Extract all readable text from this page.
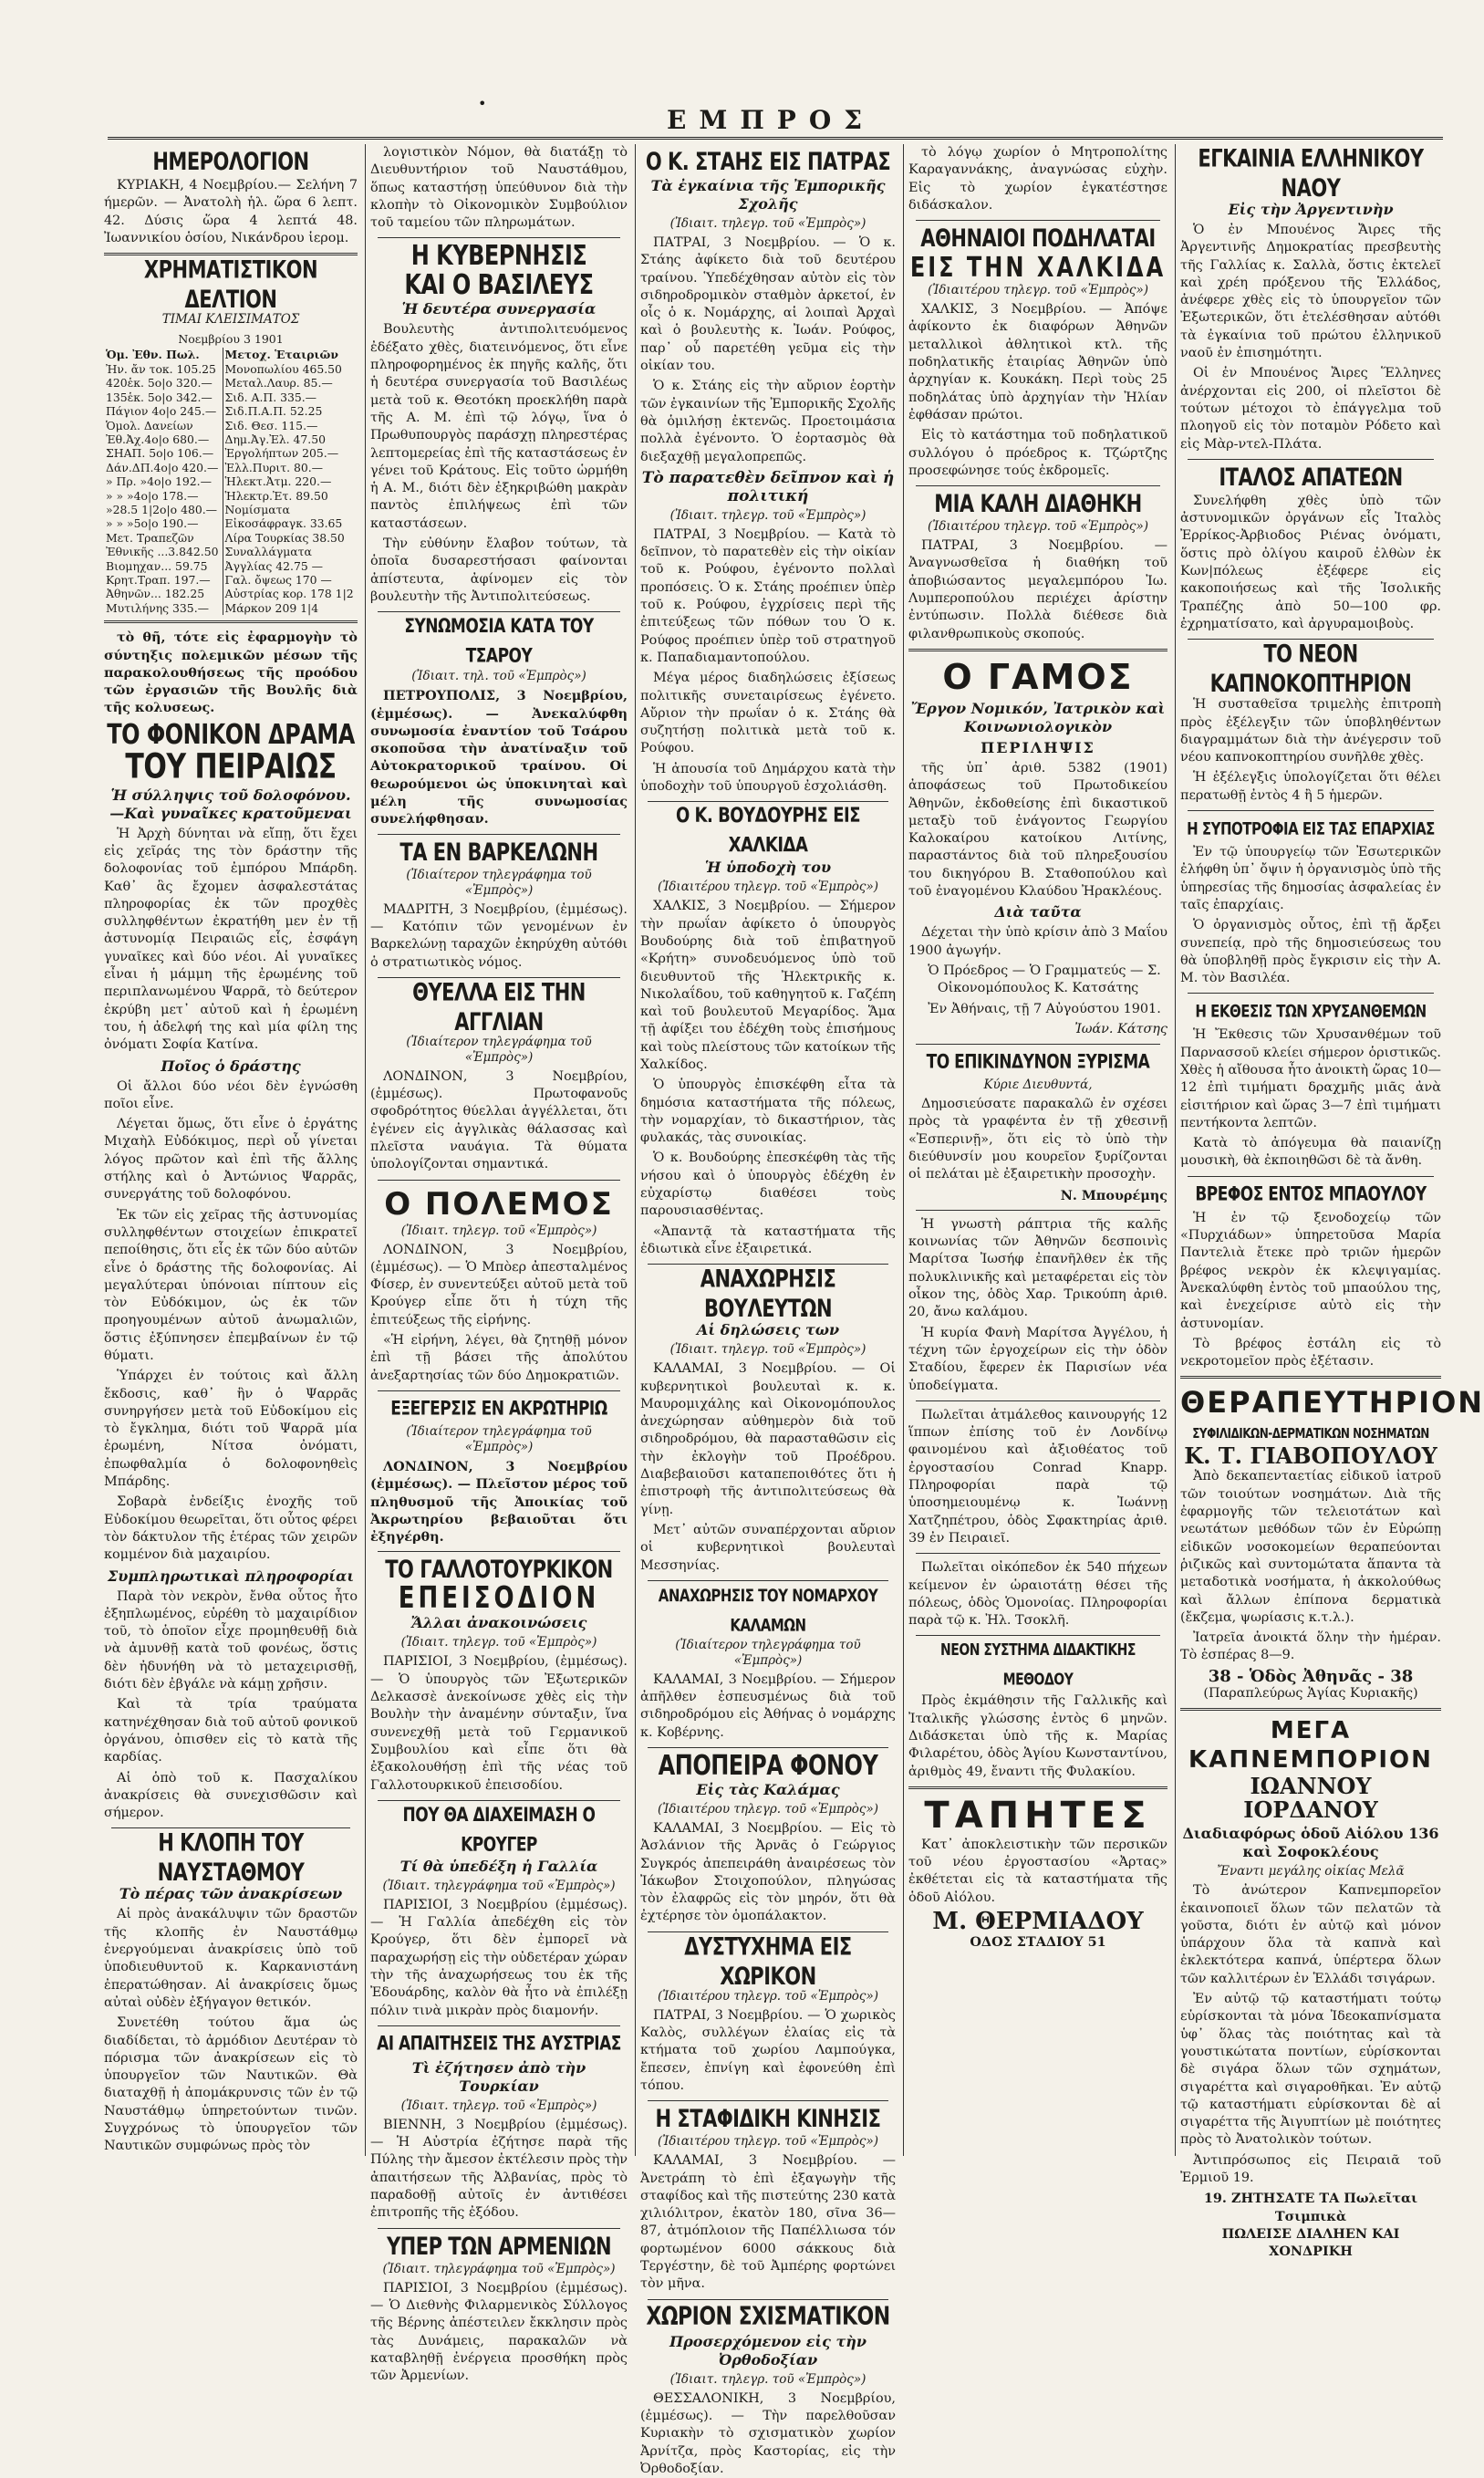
•
ΕΜΠΡΟΣ
ΗΜΕΡΟΛΟΓΙΟΝ

ΚΥΡΙΑΚΗ, 4 Νοεμβρίου.— Σελήνη 7 ήμερῶν. — Ἀνατολὴ ἡλ. ὥρα 6 λεπτ. 42. Δύσις ὥρα 4 λεπτά 48. Ἰωαννικίου ὁσίου, Νικάνδρου ἱερομ.

ΧΡΗΜΑΤΙΣΤΙΚΟΝ ΔΕΛΤΙΟΝ
ΤΙΜΑΙ ΚΛΕΙΣΙΜΑΤΟΣ
Νοεμβρίου 3 1901
Ὁμ. Ἐθν. Πωλ.	Μετοχ. Ἑταιριῶν
Ἠν. ἄν τοκ. 105.25	Μονοπωλίου 465.50
420ἑκ. 5ο|ο 320.—	Μεταλ.Λαυρ. 85.—
135ἑκ. 5ο|ο 342.—	Σιδ. Α.Π. 335.—
Πάγιον 4ο|ο 245.—	Σιδ.Π.Α.Π. 52.25
Ὁμολ. Δανείων	Σιδ. Θεσ. 115.—
Ἐθ.Ἀχ.4ο|ο 680.—	Δημ.Ἀγ.Ἐλ. 47.50
ΣΗΑΠ. 5ο|ο 106.—	Ἐργολήπτων 205.—
Δάν.ΔΠ.4ο|ο 420.—	Ἐλλ.Πυριτ. 80.—
» Πρ. »4ο|ο 192.—	Ἡλεκτ.Ἀτμ. 220.—
» » »4ο|ο 178.—	Ἡλεκτρ.Ἐτ. 89.50
»28.5 1|2ο|ο 480.—	Νομίσματα
» » »5ο|ο 190.—	Εἰκοσάφραγκ. 33.65
Μετ. Τραπεζῶν	Λίρα Τουρκίας 38.50
Ἐθνικῆς ...3.842.50	Συναλλάγματα
Βιομηχαν... 59.75	Ἀγγλίας 42.75 —
Κρητ.Τραπ. 197.—	Γαλ. ὄψεως 170 —
Ἀθηνῶν... 182.25	Αὐστρίας κορ. 178 1|2
Μυτιλήνης 335.—	Μάρκον 209 1|4

τὸ θῆ, τότε εἰς ἐφαρμογὴν τὸ σύντηξις πολεμικῶν μέσων τῆς παρακολουθήσεως τῆς προόδου τῶν ἐργασιῶν τῆς Βουλῆς διὰ τῆς κολυσεως.

ΤΟ ΦΟΝΙΚΟΝ ΔΡΑΜΑ
ΤΟΥ ΠΕΙΡΑΙΩΣ
Ἡ σύλληψις τοῦ δολοφόνου. —Καὶ γυναῖκες κρατοῦμεναι

Ἡ Ἀρχὴ δύνηται νὰ εἴπῃ, ὅτι ἔχει εἰς χεῖράς της τὸν δράστην τῆς δολοφονίας τοῦ ἐμπόρου Μπάρδη. Καθ᾽ ἃς ἔχομεν ἀσφαλεστάτας πληροφορίας ἐκ τῶν προχθὲς συλληφθέντων ἐκρατήθη μεν ἐν τῇ ἀστυνομίᾳ Πειραιῶς εἷς, ἐσφάγη γυναῖκες καὶ δύο νέοι. Αἱ γυναῖκες εἶναι ἡ μάμμη τῆς ἐρωμένης τοῦ περιπλανωμένου Ψαρρᾶ, τὸ δεύτερον ἐκρύβη μετ᾽ αὐτοῦ καὶ ἡ ἐρωμένη του, ἡ ἀδελφή της καὶ μία φίλη της ὀνόματι Σοφία Κατίνα.

Ποῖος ὁ δράστης

Οἱ ἄλλοι δύο νέοι δὲν ἐγνώσθη ποῖοι εἶνε.

Λέγεται ὅμως, ὅτι εἶνε ὁ ἐργάτης Μιχαὴλ Εὐδόκιμος, περὶ οὗ γίνεται λόγος πρῶτον καὶ ἐπὶ τῆς ἄλλης στήλης καὶ ὁ Ἀντώνιος Ψαρρᾶς, συνεργάτης τοῦ δολοφόνου.

Ἐκ τῶν εἰς χεῖρας τῆς ἀστυνομίας συλληφθέντων στοιχείων ἐπικρατεῖ πεποίθησις, ὅτι εἷς ἐκ τῶν δύο αὐτῶν εἶνε ὁ δράστης τῆς δολοφονίας. Αἱ μεγαλύτεραι ὑπόνοιαι πίπτουν εἰς τὸν Εὐδόκιμον, ὡς ἐκ τῶν προηγουμένων αὐτοῦ ἀνωμαλιῶν, ὅστις ἐξύπνησεν ἐπεμβαίνων ἐν τῷ θύματι.

Ὑπάρχει ἐν τούτοις καὶ ἄλλη ἔκδοσις, καθ᾽ ἣν ὁ Ψαρρᾶς συνηργήσεν μετὰ τοῦ Εὐδοκίμου εἰς τὸ ἔγκλημα, διότι τοῦ Ψαρρᾶ μία ἐρωμένη, Νίτσα ὀνόματι, ἐπωφθαλμία ὁ δολοφονηθεὶς Μπάρδης.

Σοβαρὰ ἐνδείξις ἐνοχῆς τοῦ Εὐδοκίμου θεωρεῖται, ὅτι οὗτος φέρει τὸν δάκτυλον τῆς ἑτέρας τῶν χειρῶν κομμένον διὰ μαχαιρίου.

Συμπληρωτικαὶ πληροφορίαι

Παρὰ τὸν νεκρὸν, ἔνθα οὗτος ἦτο ἐξηπλωμένος, εὑρέθη τὸ μαχαιρίδιον τοῦ, τὸ ὁποῖον εἶχε προμηθευθῇ διὰ νὰ ἀμυνθῇ κατὰ τοῦ φονέως, ὅστις δὲν ἠδυνήθη νὰ τὸ μεταχειρισθῇ, διότι δὲν ἐβγάλε νὰ κάμῃ χρῆσιν.

Καὶ τὰ τρία τραύματα κατηνέχθησαν διὰ τοῦ αὐτοῦ φονικοῦ ὀργάνου, ὀπισθεν εἰς τὸ κατὰ τῆς καρδίας.

Αἱ ὁπὸ τοῦ κ. Πασχαλίκου ἀνακρίσεις θὰ συνεχισθῶσιν καὶ σήμερον.

Η ΚΛΟΠΗ ΤΟΥ ΝΑΥΣΤΑΘΜΟΥ
Τὸ πέρας τῶν ἀνακρίσεων

Αἱ πρὸς ἀνακάλυψιν τῶν δραστῶν τῆς κλοπῆς ἐν Ναυστάθμῳ ἐνεργούμεναι ἀνακρίσεις ὑπὸ τοῦ ὑποδιευθυντοῦ κ. Καρκανιστάνη ἐπερατώθησαν. Αἱ ἀνακρίσεις ὅμως αὐταὶ οὐδὲν ἐξήγαγον θετικόν.

Συνετέθη τούτου ἅμα ὡς διαδίδεται, τὸ ἀρμόδιον Δευτέραν τὸ πόρισμα τῶν ἀνακρίσεων εἰς τὸ ὑπουργεῖον τῶν Ναυτικῶν. Θὰ διαταχθῇ ἡ ἀπομάκρυνσις τῶν ἐν τῷ Ναυστάθμῳ ὑπηρετούντων τινῶν. Συγχρόνως τὸ ὑπουργεῖον τῶν Ναυτικῶν συμφώνως πρὸς τὸν

λογιστικὸν Νόμον, θὰ διατάξῃ τὸ Διευθυντήριον τοῦ Ναυστάθμου, ὅπως καταστήσῃ ὑπεύθυνον διὰ τὴν κλοπὴν τὸ Οἰκονομικὸν Συμβούλιον τοῦ ταμείου τῶν πληρωμάτων.

Η ΚΥΒΕΡΝΗΣΙΣ
ΚΑΙ Ο ΒΑΣΙΛΕΥΣ
Ἡ δευτέρα συνεργασία

Βουλευτὴς ἀντιπολιτευόμενος ἐδέξατο χθὲς, διατεινόμενος, ὅτι εἶνε πληροφορημένος ἐκ πηγῆς καλῆς, ὅτι ἡ δευτέρα συνεργασία τοῦ Βασιλέως μετὰ τοῦ κ. Θεοτόκη προεκλήθη παρὰ τῆς Α. Μ. ἐπὶ τῷ λόγῳ, ἵνα ὁ Πρωθυπουργὸς παράσχῃ πληρεστέρας λεπτομερείας ἐπὶ τῆς καταστάσεως ἐν γένει τοῦ Κράτους. Εἰς τοῦτο ὡρμήθη ἡ Α. Μ., διότι δὲν ἐξηκριβώθη μακρὰν παντὸς ἐπιλήψεως ἐπὶ τῶν καταστάσεων.

Τὴν εὐθύνην ἔλαβον τούτων, τὰ ὁποῖα δυσαρεστήσασι φαίνονται ἀπίστευτα, ἀφίνομεν εἰς τὸν βουλευτὴν τῆς Ἀντιπολιτεύσεως.

ΣΥΝΩΜΟΣΙΑ ΚΑΤΑ ΤΟΥ ΤΣΑΡΟΥ
(Ἰδιαιτ. τηλ. τοῦ «Ἐμπρὸς»)

ΠΕΤΡΟΥΠΟΛΙΣ, 3 Νοεμβρίου, (ἐμμέσως). — Ἀνεκαλύφθη συνωμοσία ἐναντίον τοῦ Τσάρου σκοποῦσα τὴν ἀνατίναξιν τοῦ Αὐτοκρατορικοῦ τραίνου. Οἱ θεωρούμενοι ὡς ὑποκινηταὶ καὶ μέλη τῆς συνωμοσίας συνελήφθησαν.

ΤΑ ΕΝ ΒΑΡΚΕΛΩΝΗ
(Ἰδιαίτερον τηλεγράφημα τοῦ «Ἐμπρὸς»)

ΜΑΔΡΙΤΗ, 3 Νοεμβρίου, (ἐμμέσως). — Κατόπιν τῶν γενομένων ἐν Βαρκελώνῃ ταραχῶν ἐκηρύχθη αὐτόθι ὁ στρατιωτικὸς νόμος.

ΘΥΕΛΛΑ ΕΙΣ ΤΗΝ ΑΓΓΛΙΑΝ
(Ἰδιαίτερον τηλεγράφημα τοῦ «Ἐμπρὸς»)

ΛΟΝΔΙΝΟΝ, 3 Νοεμβρίου, (ἐμμέσως). Πρωτοφανοῦς σφοδρότητος θύελλαι ἀγγέλλεται, ὅτι ἐγένεν εἰς ἀγγλικὰς θάλασσας καὶ πλεῖστα ναυάγια. Τὰ θύματα ὑπολογίζονται σημαντικά.

Ο ΠΟΛΕΜΟΣ
(Ἰδιαιτ. τηλεγρ. τοῦ «Ἐμπρὸς»)

ΛΟΝΔΙΝΟΝ, 3 Νοεμβρίου, (ἐμμέσως). — Ὁ Μπὸερ ἀπεσταλμένος Φίσερ, ἐν συνεντεύξει αὐτοῦ μετὰ τοῦ Κρούγερ εἶπε ὅτι ἡ τύχη τῆς ἐπιτεύξεως τῆς εἰρήνης.

«Ἡ εἰρήνη, λέγει, θὰ ζητηθῇ μόνον ἐπὶ τῇ βάσει τῆς ἀπολύτου ἀνεξαρτησίας τῶν δύο Δημοκρατιῶν.

ΕΞΕΓΕΡΣΙΣ ΕΝ ΑΚΡΩΤΗΡΙΩ
(Ἰδιαίτερον τηλεγράφημα τοῦ «Ἐμπρὸς»)

ΛΟΝΔΙΝΟΝ, 3 Νοεμβρίου (ἐμμέσως). — Πλεῖστον μέρος τοῦ πληθυσμοῦ τῆς Ἀποικίας τοῦ Ἀκρωτηρίου βεβαιοῦται ὅτι ἐξηγέρθη.

ΤΟ ΓΑΛΛΟΤΟΥΡΚΙΚΟΝ
ΕΠΕΙΣΟΔΙΟΝ
Ἄλλαι ἀνακοινώσεις
(Ἰδιαιτ. τηλεγρ. τοῦ «Ἐμπρὸς»)

ΠΑΡΙΣΙΟΙ, 3 Νοεμβρίου, (ἐμμέσως). — Ὁ ὑπουργὸς τῶν Ἐξωτερικῶν Δελκασσὲ ἀνεκοίνωσε χθὲς εἰς τὴν Βουλὴν τὴν ἀναμένην σύνταξιν, ἵνα συνενεχθῇ μετὰ τοῦ Γερμανικοῦ Συμβουλίου καὶ εἶπε ὅτι θὰ ἐξακολουθήσῃ ἐπὶ τῆς νέας τοῦ Γαλλοτουρκικοῦ ἐπεισοδίου.

ΠΟΥ ΘΑ ΔΙΑΧΕΙΜΑΣΗ Ο ΚΡΟΥΓΕΡ
Τί θὰ ὑπεδέξη ἡ Γαλλία
(Ἰδιαιτ. τηλεγράφημα τοῦ «Ἐμπρὸς»)

ΠΑΡΙΣΙΟΙ, 3 Νοεμβρίου (ἐμμέσως). — Ἡ Γαλλία ἀπεδέχθη εἰς τὸν Κρούγερ, ὅτι δὲν ἐμπορεῖ νὰ παραχωρήσῃ εἰς τὴν οὐδετέραν χώραν τὴν τῆς ἀναχωρήσεως του ἐκ τῆς Ἐδουάρδης, καλὸν θὰ ἦτο νὰ ἐπιλέξῃ πόλιν τινὰ μικρὰν πρὸς διαμονήν.

ΑΙ ΑΠΑΙΤΗΣΕΙΣ ΤΗΣ ΑΥΣΤΡΙΑΣ
Τὶ ἐζήτησεν ἀπὸ τὴν Τουρκίαν
(Ἰδιαιτ. τηλεγρ. τοῦ «Ἐμπρὸς»)

ΒΙΕΝΝΗ, 3 Νοεμβρίου (ἐμμέσως). — Ἡ Αὐστρία ἐζήτησε παρὰ τῆς Πύλης τὴν ἄμεσον ἐκτέλεσιν πρὸς τὴν ἀπαιτήσεων τῆς Ἀλβανίας, πρὸς τὸ παραδοθῇ αὐτοῖς ἐν ἀντιθέσει ἐπιτροπῆς τῆς ἐξόδου.

ΥΠΕΡ ΤΩΝ ΑΡΜΕΝΙΩΝ
(Ἰδιαιτ. τηλεγράφημα τοῦ «Ἐμπρὸς»)

ΠΑΡΙΣΙΟΙ, 3 Νοεμβρίου (ἐμμέσως). — Ὁ Διεθνὴς Φιλαρμενικὸς Σύλλογος τῆς Βέρνης ἀπέστειλεν ἔκκλησιν πρὸς τὰς Δυνάμεις, παρακαλῶν νὰ καταβληθῇ ἐνέργεια προσθήκη πρὸς τῶν Ἀρμενίων.

Ο Κ. ΣΤΑΗΣ ΕΙΣ ΠΑΤΡΑΣ
Τὰ ἐγκαίνια τῆς Ἐμπορικῆς Σχολῆς
(Ἰδιαιτ. τηλεγρ. τοῦ «Ἐμπρὸς»)

ΠΑΤΡΑΙ, 3 Νοεμβρίου. — Ὁ κ. Στάης ἀφίκετο διὰ τοῦ δευτέρου τραίνου. Ὑπεδέχθησαν αὐτὸν εἰς τὸν σιδηροδρομικὸν σταθμὸν ἀρκετοί, ἐν οἷς ὁ κ. Νομάρχης, αἱ λοιπαὶ Ἀρχαὶ καὶ ὁ βουλευτὴς κ. Ἰωάν. Ρούφος, παρ᾽ οὗ παρετέθη γεῦμα εἰς τὴν οἰκίαν του.

Ὁ κ. Στάης εἰς τὴν αὔριον ἑορτὴν τῶν ἐγκαινίων τῆς Ἐμπορικῆς Σχολῆς θὰ ὁμιλήσῃ ἐκτενῶς. Προετοιμάσια πολλὰ ἐγένοντο. Ὁ ἑορτασμὸς θὰ διεξαχθῇ μεγαλοπρεπῶς.

Τὸ παρατεθὲν δεῖπνον καὶ ἡ πολιτική
(Ἰδιαιτ. τηλεγρ. τοῦ «Ἐμπρὸς»)

ΠΑΤΡΑΙ, 3 Νοεμβρίου. — Κατὰ τὸ δεῖπνον, τὸ παρατεθὲν εἰς τὴν οἰκίαν τοῦ κ. Ρούφου, ἐγένοντο πολλαὶ προπόσεις. Ὁ κ. Στάης προέπιεν ὑπὲρ τοῦ κ. Ρούφου, ἐγχρίσεις περὶ τῆς ἐπιτεύξεως τῶν πόθων του Ὁ κ. Ρούφος προέπιεν ὑπὲρ τοῦ στρατηγοῦ κ. Παπαδιαμαντοπούλου.

Μέγα μέρος διαδηλώσεις ἐξίσεως πολιτικῆς συνεταιρίσεως ἐγένετο. Αὔριον τὴν πρωΐαν ὁ κ. Στάης θὰ συζητήσῃ πολιτικὰ μετὰ τοῦ κ. Ρούφου.

Ἡ ἀπουσία τοῦ Δημάρχου κατὰ τὴν ὑποδοχὴν τοῦ ὑπουργοῦ ἐσχολιάσθη.

Ο Κ. ΒΟΥΔΟΥΡΗΣ ΕΙΣ ΧΑΛΚΙΔΑ
Ἡ ὑποδοχὴ του
(Ἰδιαιτέρου τηλεγρ. τοῦ «Ἐμπρὸς»)

ΧΑΛΚΙΣ, 3 Νοεμβρίου. — Σήμερον τὴν πρωΐαν ἀφίκετο ὁ ὑπουργὸς Βουδούρης διὰ τοῦ ἐπιβατηγοῦ «Κρήτη» συνοδευόμενος ὑπὸ τοῦ διευθυντοῦ τῆς Ἠλεκτρικῆς κ. Νικολαΐδου, τοῦ καθηγητοῦ κ. Γαζέπη καὶ τοῦ βουλευτοῦ Μεγαρίδος. Ἅμα τῇ ἀφίξει του ἐδέχθη τοὺς ἐπισήμους καὶ τοὺς πλείστους τῶν κατοίκων τῆς Χαλκίδος.

Ὁ ὑπουργὸς ἐπισκέφθη εἶτα τὰ δημόσια καταστήματα τῆς πόλεως, τὴν νομαρχίαν, τὸ δικαστήριον, τὰς φυλακάς, τὰς συνοικίας.

Ὁ κ. Βουδούρης ἐπεσκέφθη τὰς τῆς νήσου καὶ ὁ ὑπουργὸς ἐδέχθη ἐν εὐχαρίστῳ διαθέσει τοὺς παρουσιασθέντας.

«Ἀπαντᾷ τὰ καταστήματα τῆς ἐδιωτικὰ εἶνε ἐξαιρετικά.

ΑΝΑΧΩΡΗΣΙΣ ΒΟΥΛΕΥΤΩΝ
Αἱ δηλώσεις των
(Ἰδιαιτ. τηλεγρ. τοῦ «Ἐμπρὸς»)

ΚΑΛΑΜΑΙ, 3 Νοεμβρίου. — Οἱ κυβερνητικοὶ βουλευταὶ κ. κ. Μαυρομιχάλης καὶ Οἰκονομόπουλος ἀνεχώρησαν αὐθημερὸν διὰ τοῦ σιδηροδρόμου, θὰ παρασταθῶσιν εἰς τὴν ἐκλογὴν τοῦ Προέδρου. Διαβεβαιοῦσι καταπεποιθότες ὅτι ἡ ἐπιστροφὴ τῆς ἀντιπολιτεύσεως θὰ γίνῃ.

Μετ᾽ αὐτῶν συναπέρχονται αὔριον οἱ κυβερνητικοὶ βουλευταὶ Μεσσηνίας.

ΑΝΑΧΩΡΗΣΙΣ ΤΟΥ ΝΟΜΑΡΧΟΥ ΚΑΛΑΜΩΝ
(Ἰδιαίτερον τηλεγράφημα τοῦ «Ἐμπρὸς»)

ΚΑΛΑΜΑΙ, 3 Νοεμβρίου. — Σήμερον ἀπῆλθεν ἐσπευσμένως διὰ τοῦ σιδηροδρόμου εἰς Ἀθήνας ὁ νομάρχης κ. Κοβέρνης.

ΑΠΟΠΕΙΡΑ ΦΟΝΟΥ
Εἰς τὰς Καλάμας
(Ἰδιαιτέρου τηλεγρ. τοῦ «Ἐμπρὸς»)

ΚΑΛΑΜΑΙ, 3 Νοεμβρίου. — Εἰς τὸ Ἀσλάνιον τῆς Ἀρνᾶς ὁ Γεώργιος Συγκρός ἀπεπειράθη ἀναιρέσεως τὸν Ἰάκωβον Στοιχοπούλον, πληγώσας τὸν ἐλαφρῶς εἰς τὸν μηρόν, ὅτι θὰ ἐχτέρησε τὸν ὁμοπάλακτον.

ΔΥΣΤΥΧΗΜΑ ΕΙΣ ΧΩΡΙΚΟΝ
(Ἰδιαιτέρου τηλεγρ. τοῦ «Ἐμπρὸς»)

ΠΑΤΡΑΙ, 3 Νοεμβρίου. — Ὁ χωρικὸς Καλὸς, συλλέγων ἐλαίας εἰς τὰ κτήματα τοῦ χωρίου Λαμπούγκα, ἔπεσεν, ἐπνίγη καὶ ἐφονεύθη ἐπὶ τόπου.

Η ΣΤΑΦΙΔΙΚΗ ΚΙΝΗΣΙΣ
(Ἰδιαιτέρου τηλεγρ. τοῦ «Ἐμπρὸς»)

ΚΑΛΑΜΑΙ, 3 Νοεμβρίου. — Ἀνετράπη τὸ ἐπὶ ἐξαγωγὴν τῆς σταφίδος καὶ τῆς πιστεύτης 230 κατὰ χιλιόλιτρον, ἑκατὸν 180, σῖνα 36—87, ἀτμόπλοιον τῆς Παπέλλιωσα τόν φορτωμένον 6000 σάκκους διὰ Τεργέστην, δὲ τοῦ Ἀμπέρης φορτώνει τὸν μῆνα.

ΧΩΡΙΟΝ ΣΧΙΣΜΑΤΙΚΟΝ
Προσερχόμενον εἰς τὴν Ὀρθοδοξίαν
(Ἰδιαιτ. τηλεγρ. τοῦ «Ἐμπρὸς»)

ΘΕΣΣΑΛΟΝΙΚΗ, 3 Νοεμβρίου, (ἐμμέσως). — Τὴν παρελθοῦσαν Κυριακὴν τὸ σχισματικὸν χωρίον Ἀρνίτζα, πρὸς Καστορίας, εἰς τὴν Ὀρθοδοξίαν.

τὸ λόγῳ χωρίον ὁ Μητροπολίτης Καραγαννάκης, ἀναγνώσας εὐχὴν. Εἰς τὸ χωρίον ἐγκατέστησε διδάσκαλον.

ΑΘΗΝΑΙΟΙ ΠΟΔΗΛΑΤΑΙ
ΕΙΣ ΤΗΝ ΧΑΛΚΙΔΑ
(Ἰδιαιτέρου τηλεγρ. τοῦ «Ἐμπρὸς»)

ΧΑΛΚΙΣ, 3 Νοεμβρίου. — Ἀπόψε ἀφίκοντο ἐκ διαφόρων Ἀθηνῶν μεταλλικοὶ ἀθλητικοὶ κτλ. τῆς ποδηλατικῆς ἑταιρίας Ἀθηνῶν ὑπὸ ἀρχηγίαν κ. Κουκάκη. Περὶ τοὺς 25 ποδηλάτας ὑπὸ ἀρχηγίαν τὴν Ἠλίαν ἐφθάσαν πρώτοι.

Εἰς τὸ κατάστημα τοῦ ποδηλατικοῦ συλλόγου ὁ πρόεδρος κ. Τζώρτζης προσεφώνησε τούς ἐκδρομεῖς.

ΜΙΑ ΚΑΛΗ ΔΙΑΘΗΚΗ
(Ἰδιαιτέρου τηλεγρ. τοῦ «Ἐμπρὸς»)

ΠΑΤΡΑΙ, 3 Νοεμβρίου. — Ἀναγνωσθεῖσα ἡ διαθήκη τοῦ ἀποβιώσαντος μεγαλεμπόρου Ἰω. Λυμπεροπούλου περιέχει ἀρίστην ἐντύπωσιν. Πολλὰ διέθεσε διὰ φιλανθρωπικοὺς σκοπούς.

Ο ΓΑΜΟΣ
Ἔργον Νομικόν, Ἰατρικὸν καὶ Κοινωνιολογικὸν
ΠΕΡΙΛΗΨΙΣ

τῆς ὑπ᾽ ἀριθ. 5382 (1901) ἀποφάσεως τοῦ Πρωτοδικείου Ἀθηνῶν, ἐκδοθείσης ἐπὶ δικαστικοῦ μεταξὺ τοῦ ἐνάγοντος Γεωργίου Καλοκαίρου κατοίκου Λιτίνης, παραστάντος διὰ τοῦ πληρεξουσίου του δικηγόρου Β. Σταθοπούλου καὶ τοῦ ἐναγομένου Κλαύδου Ἠρακλέους.

Διὰ ταῦτα

Δέχεται τὴν ὑπὸ κρίσιν ἀπὸ 3 Μαΐου 1900 ἀγωγήν.

Ὁ Πρόεδρος — Ὁ Γραμματεύς — Σ. Οἰκονομόπουλος Κ. Κατσάτης

Ἐν Ἀθήναις, τῇ 7 Αὐγούστου 1901.

Ἰωάν. Κάτσης

ΤΟ ΕΠΙΚΙΝΔΥΝΟΝ ΞΥΡΙΣΜΑ
Κύριε Διευθυντά,

Δημοσιεύσατε παρακαλῶ ἐν σχέσει πρὸς τὰ γραφέντα ἐν τῇ χθεσινῇ «Ἐσπερινῇ», ὅτι εἰς τὸ ὑπὸ τὴν διεύθυνσίν μου κουρεῖον ξυρίζονται οἱ πελάται μὲ ἐξαιρετικὴν προσοχὴν.

Ν. Μπουρέμης

Ἡ γνωστὴ ράπτρια τῆς καλῆς κοινωνίας τῶν Ἀθηνῶν δεσποινὶς Μαρίτσα Ἰωσήφ ἐπανῆλθεν ἐκ τῆς πολυκλινικῆς καὶ μεταφέρεται εἰς τὸν οἶκον της, ὁδὸς Χαρ. Τρικούπη ἀριθ. 20, ἄνω καλάμου.

Ἡ κυρία Φανὴ Μαρίτσα Ἀγγέλου, ἡ τέχνη τῶν ἐργοχείρων εἰς τὴν ὁδὸν Σταδίου, ἔφερεν ἐκ Παρισίων νέα ὑποδείγματα.

Πωλεῖται ἀτμάλεθος καινουργής 12 ἵππων ἐπίσης τοῦ ἐν Λονδίνῳ φαινομένου καὶ ἀξιοθέατος τοῦ ἐργοστασίου Conrad Κnapp. Πληροφορίαι παρὰ τῷ ὑποσημειουμένῳ κ. Ἰωάννῃ Χατζηπέτρου, ὁδὸς Σφακτηρίας ἀριθ. 39 ἐν Πειραιεῖ.

Πωλεῖται οἰκόπεδον ἐκ 540 πήχεων κείμενον ἐν ὡραιοτάτῃ θέσει τῆς πόλεως, ὁδὸς Ὁμονοίας. Πληροφορίαι παρὰ τῷ κ. Ἠλ. Τσοκλῆ.

ΝΕΟΝ ΣΥΣΤΗΜΑ ΔΙΔΑΚΤΙΚΗΣ ΜΕΘΟΔΟΥ

Πρὸς ἐκμάθησιν τῆς Γαλλικῆς καὶ Ἰταλικῆς γλώσσης ἐντὸς 6 μηνῶν. Διδάσκεται ὑπὸ τῆς κ. Μαρίας Φιλαρέτου, ὁδὸς Ἁγίου Κωνσταντίνου, ἀριθμὸς 49, ἔναντι τῆς Φυλακίου.

ΤΑΠΗΤΕΣ

Κατ᾽ ἀποκλειστικὴν τῶν περσικῶν τοῦ νέου ἐργοστασίου «Ἀρτας» ἐκθέτεται εἰς τὰ καταστήματα τῆς ὁδοῦ Αἰόλου.

Μ. ΘΕΡΜΙΑΔΟΥ
ΟΔΟΣ ΣΤΑΔΙΟΥ 51
ΕΓΚΑΙΝΙΑ ΕΛΛΗΝΙΚΟΥ ΝΑΟΥ
Εἰς τὴν Ἀργεντινὴν

Ὁ ἐν Μπουένος Ἄιρες τῆς Ἀργεντινῆς Δημοκρατίας πρεσβευτὴς τῆς Γαλλίας κ. Σαλλὰ, ὅστις ἐκτελεῖ καὶ χρέη πρόξενου τῆς Ἑλλάδος, ἀνέφερε χθὲς εἰς τὸ ὑπουργεῖον τῶν Ἐξωτερικῶν, ὅτι ἐτελέσθησαν αὐτόθι τὰ ἐγκαίνια τοῦ πρώτου ἐλληνικοῦ ναοῦ ἐν ἐπισημότητι.

Οἱ ἐν Μπουένος Ἄιρες Ἕλληνες ἀνέρχονται εἰς 200, οἱ πλεῖστοι δὲ τούτων μέτοχοι τὸ ἐπάγγελμα τοῦ πλοηγοῦ εἰς τὸν ποταμὸν Ρόδετο καὶ εἰς Μὰρ-ντελ-Πλάτα.

ΙΤΑΛΟΣ ΑΠΑΤΕΩΝ

Συνελήφθη χθὲς ὑπὸ τῶν ἀστυνομικῶν ὀργάνων εἷς Ἰταλὸς Ἐρρίκος-Ἀρβιοδος Ριένας ὀνόματι, ὅστις πρὸ ὀλίγου καιροῦ ἐλθὼν ἐκ Κων|πόλεως ἐξέφερε εἰς κακοποιήσεως καὶ τῆς Ἰσολικῆς Τραπέζης ἀπὸ 50—100 φρ. ἐχρηματίσατο, καὶ ἀργυραμοιβοὺς.

ΤΟ ΝΕΟΝ ΚΑΠΝΟΚΟΠΤΗΡΙΟΝ

Ἡ συσταθεῖσα τριμελὴς ἐπιτροπὴ πρὸς ἐξέλεγξιν τῶν ὑποβληθέντων διαγραμμάτων διὰ τὴν ἀνέγερσιν τοῦ νέου καπνοκοπτηρίου συνῆλθε χθὲς.

Ἡ ἐξέλεγξις ὑπολογίζεται ὅτι θέλει περατωθῇ ἐντὸς 4 ἢ 5 ἡμερῶν.

Η ΣΥΠΟΤΡΟΦΙΑ ΕΙΣ ΤΑΣ ΕΠΑΡΧΙΑΣ

Ἐν τῷ ὑπουργείῳ τῶν Ἐσωτερικῶν ἐλήφθη ὑπ᾽ ὄψιν ἡ ὀργανισμὸς ὑπὸ τῆς ὑπηρεσίας τῆς δημοσίας ἀσφαλείας ἐν ταῖς ἐπαρχίαις.

Ὁ ὀργανισμὸς οὗτος, ἐπὶ τῇ ἄρξει συνεπείᾳ, πρὸ τῆς δημοσιεύσεως του θὰ ὑποβληθῇ πρὸς ἔγκρισιν εἰς τὴν Α. Μ. τὸν Βασιλέα.

Η ΕΚΘΕΣΙΣ ΤΩΝ ΧΡΥΣΑΝΘΕΜΩΝ

Ἡ Ἔκθεσις τῶν Χρυσανθέμων τοῦ Παρνασσοῦ κλείει σήμερον ὁριστικῶς. Χθὲς ἡ αἴθουσα ἦτο ἀνοικτὴ ὥρας 10—12 ἐπὶ τιμήματι δραχμῆς μιᾶς ἀνὰ εἰσιτήριον καὶ ὥρας 3—7 ἐπὶ τιμήματι πεντήκοντα λεπτῶν.

Κατὰ τὸ ἀπόγευμα θὰ παιανίζῃ μουσικὴ, θὰ ἐκποιηθῶσι δὲ τὰ ἄνθη.

ΒΡΕΦΟΣ ΕΝΤΟΣ ΜΠΑΟΥΛΟΥ

Ἡ ἐν τῷ ξενοδοχείῳ τῶν «Πυρχιάδων» ὑπηρετοῦσα Μαρία Παντελιὰ ἔτεκε πρὸ τριῶν ἡμερῶν βρέφος νεκρὸν ἐκ κλεψιγαμίας. Ἀνεκαλύφθη ἐντὸς τοῦ μπαούλου της, καὶ ἐνεχείρισε αὐτὸ εἰς τὴν ἀστυνομίαν.

Τὸ βρέφος ἐστάλη εἰς τὸ νεκροτομεῖον πρὸς ἐξέτασιν.

ΘΕΡΑΠΕΥΤΗΡΙΟΝ
ΣΥΦΙΛΙΔΙΚΩΝ-ΔΕΡΜΑΤΙΚΩΝ ΝΟΣΗΜΑΤΩΝ
Κ. Τ. ΓΙΑΒΟΠΟΥΛΟΥ

Ἀπὸ δεκαπενταετίας εἰδικοῦ ἰατροῦ τῶν τοιούτων νοσημάτων. Διὰ τῆς ἐφαρμογῆς τῶν τελειοτάτων καὶ νεωτάτων μεθόδων τῶν ἐν Εὐρώπῃ εἰδικῶν νοσοκομείων θεραπεύονται ῥιζικῶς καὶ συντομώτατα ἅπαντα τὰ μεταδοτικὰ νοσήματα, ἡ ἀκκολούθως καὶ ἄλλων ἐπίπονα δερματικὰ (ἔκζεμα, ψωρίασις κ.τ.λ.).

Ἰατρεῖα ἀνοικτά ὅλην τὴν ἡμέραν. Τὸ ἑσπέρας 8—9.

38 - Ὁδὸς Ἀθηνᾶς - 38
(Παραπλεύρως Ἁγίας Κυριακῆς)
ΜΕΓΑ ΚΑΠΝΕΜΠΟΡΙΟΝ
ΙΩΑΝΝΟΥ ΙΟΡΔΑΝΟΥ
Διαδιαφόρως ὁδοῦ Αἰόλου 136 καὶ Σοφοκλέους
Ἔναντι μεγάλης οἰκίας Μελᾶ

Τὸ ἀνώτερον Καπνεμπορεῖον ἐκαινοποιεῖ ὅλων τῶν πελατῶν τὰ γοῦστα, διότι ἐν αὐτῷ καὶ μόνον ὑπάρχουν ὅλα τὰ καπνὰ καὶ ἐκλεκτότερα καπνά, ὑπέρτερα ὅλων τῶν καλλιτέρων ἐν Ἑλλάδι τσιγάρων.

Ἐν αὐτῷ τῷ καταστήματι τούτῳ εὑρίσκονται τὰ μόνα Ἰδεοκαπνίσματα ὑφ᾽ ὅλας τὰς ποιότητας καὶ τὰ γουστικώτατα ποντίων, εὑρίσκονται δὲ σιγάρα ὅλων τῶν σχημάτων, σιγαρέττα καὶ σιγαροθῆκαι. Ἐν αὐτῷ τῷ καταστήματι εὑρίσκονται δὲ αἱ σιγαρέττα τῆς Ἀιγυπτίων μὲ ποιότητες πρὸς τὸ Ἀνατολικὸν τούτων.

Ἀντιπρόσωπος εἰς Πειραιᾶ τοῦ Ἐρμιοῦ 19.

19. ΖΗΤΗΣΑΤΕ ΤΑ Πωλεῖται Τσιμπικὰ
ΠΩΛΕΙΣΕ ΔΙΑΛΗΕΝ ΚΑΙ ΧΟΝΔΡΙΚΗ
